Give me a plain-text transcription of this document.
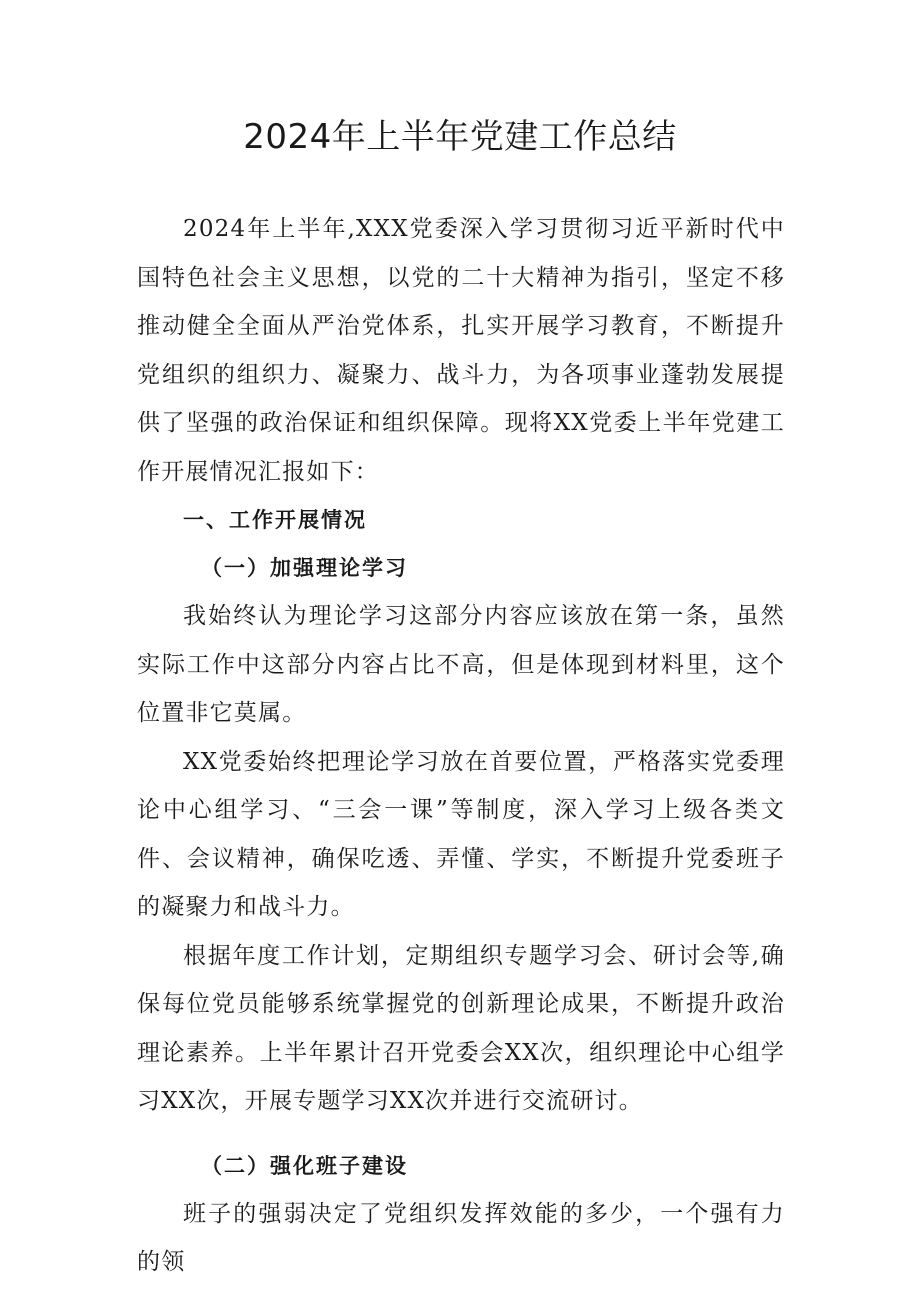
2024年上半年党建工作总结

2024年上半年,XXX党委深入学习贯彻习近平新时代中国特色社会主义思想，以党的二十大精神为指引，坚定不移推动健全全面从严治党体系，扎实开展学习教育，不断提升党组织的组织力、凝聚力、战斗力，为各项事业蓬勃发展提供了坚强的政治保证和组织保障。现将XX党委上半年党建工作开展情况汇报如下：

一、工作开展情况
（一）加强理论学习

我始终认为理论学习这部分内容应该放在第一条，虽然实际工作中这部分内容占比不高，但是体现到材料里，这个位置非它莫属。

XX党委始终把理论学习放在首要位置，严格落实党委理论中心组学习、“三会一课”等制度，深入学习上级各类文件、会议精神，确保吃透、弄懂、学实，不断提升党委班子的凝聚力和战斗力。

根据年度工作计划，定期组织专题学习会、研讨会等,确保每位党员能够系统掌握党的创新理论成果，不断提升政治理论素养。上半年累计召开党委会XX次，组织理论中心组学习XX次，开展专题学习XX次并进行交流研讨。

（二）强化班子建设

班子的强弱决定了党组织发挥效能的多少，一个强有力的领
